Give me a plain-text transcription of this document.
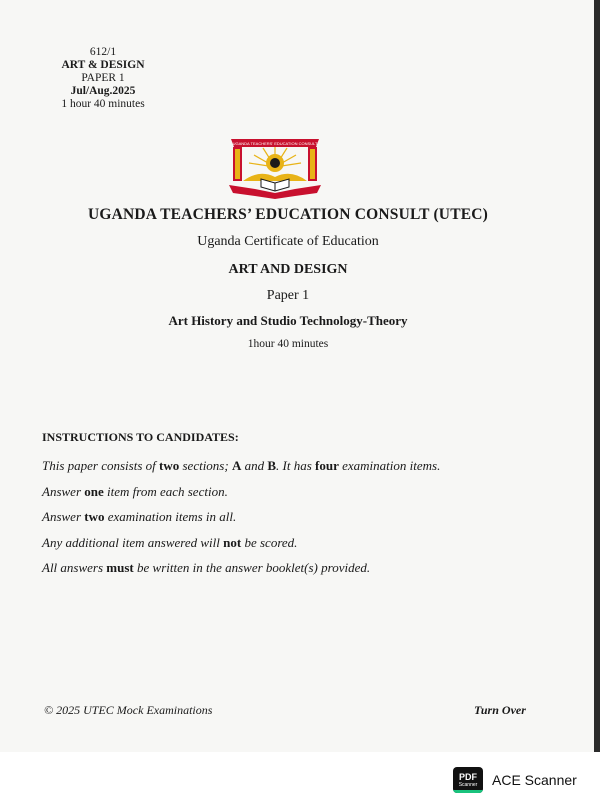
612/1
ART & DESIGN
PAPER 1
Jul/Aug.2025
1 hour 40 minutes
UGANDA TEACHERS' EDUCATION CONSULT
UGANDA TEACHERS’ EDUCATION CONSULT (UTEC)
Uganda Certificate of Education
ART AND DESIGN
Paper 1
Art History and Studio Technology-Theory
1hour 40 minutes
INSTRUCTIONS TO CANDIDATES:
This paper consists of two sections; A and B. It has four examination items.
Answer one item from each section.
Answer two examination items in all.
Any additional item answered will not be scored.
All answers must be written in the answer booklet(s) provided.
© 2025 UTEC Mock Examinations	Turn Over
PDF
Scanner ACE Scanner
